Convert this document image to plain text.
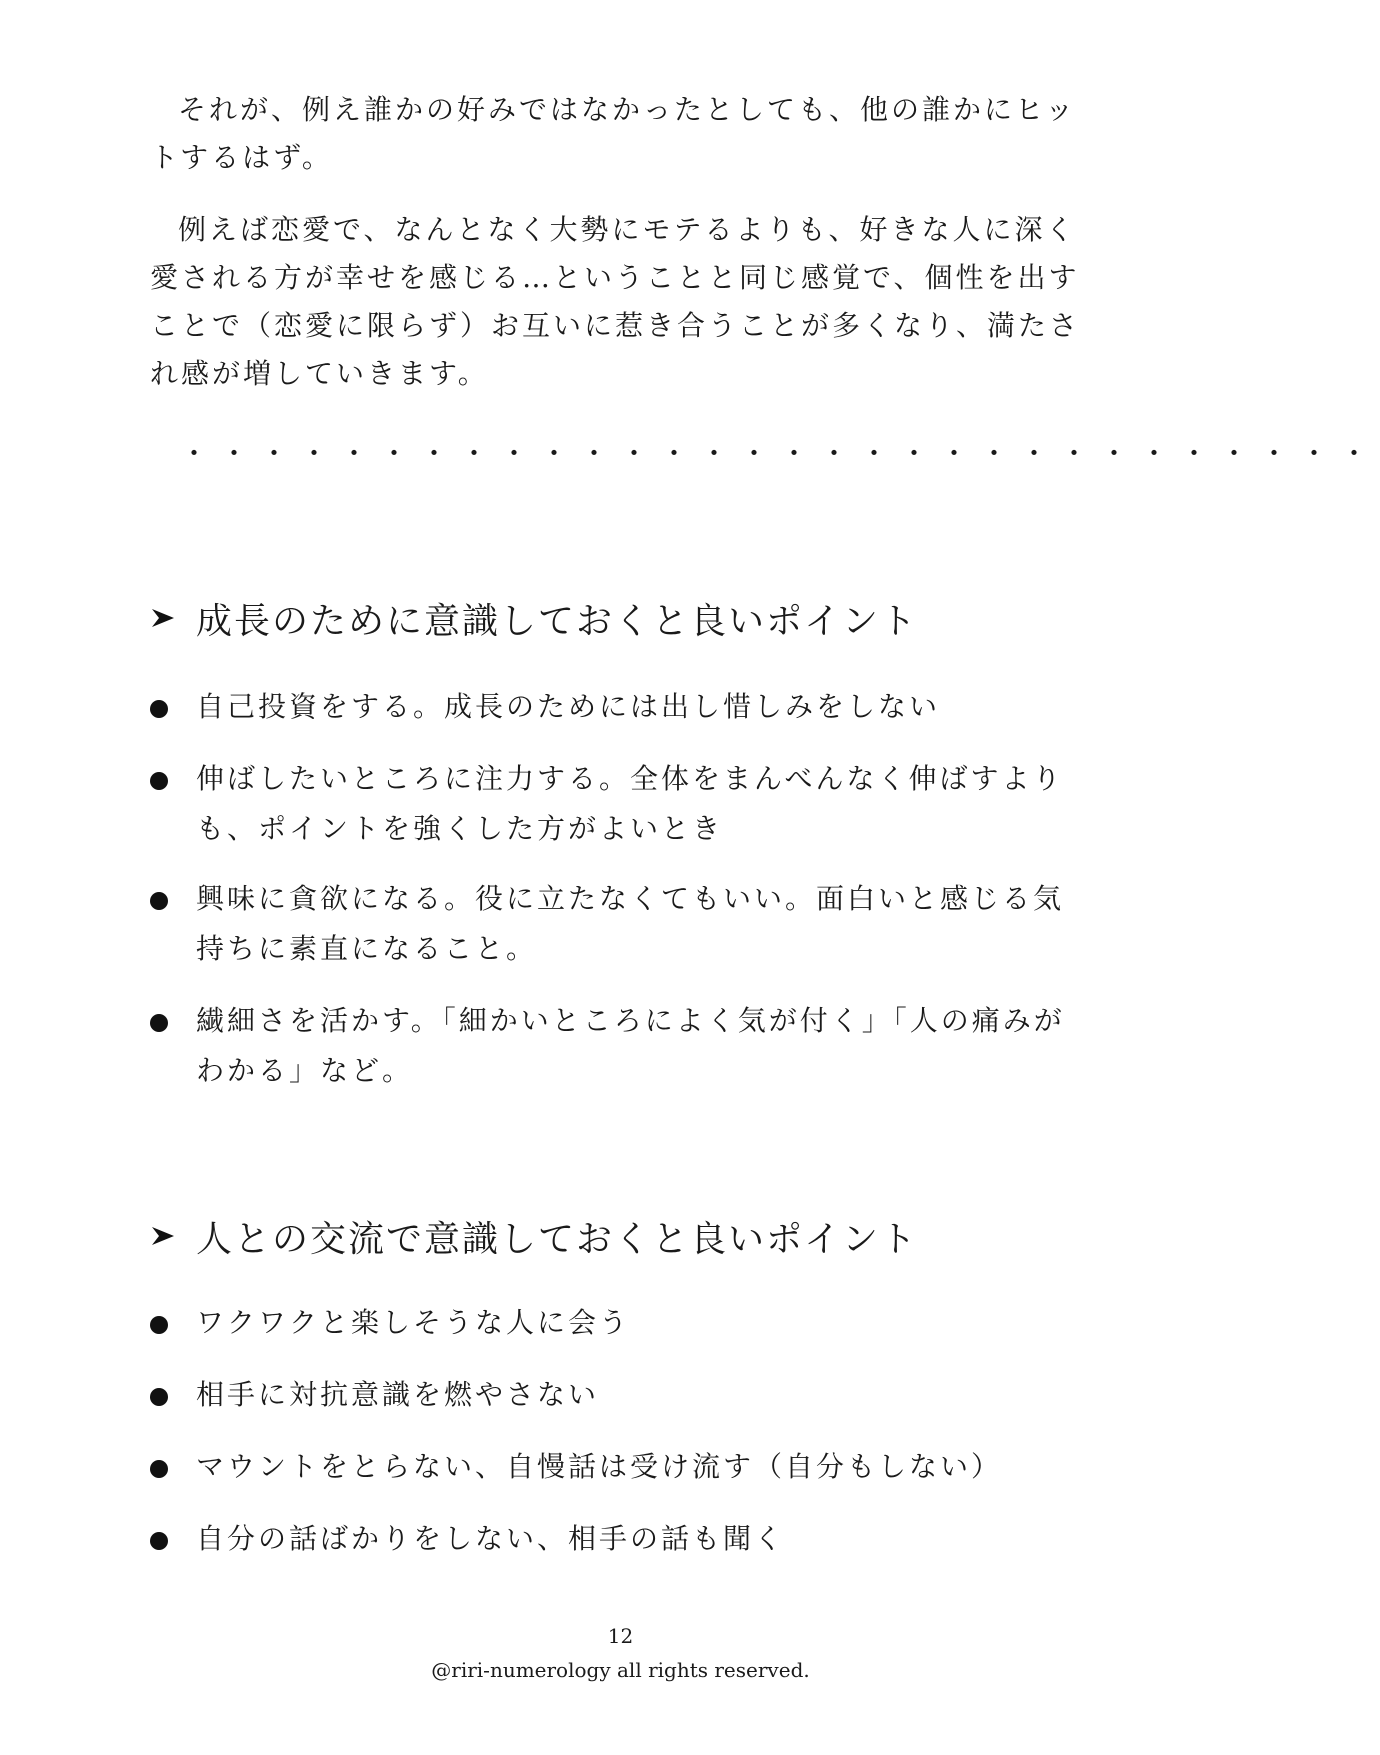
それが、例え誰かの好みではなかったとしても、他の誰かにヒットするはず。

例えば恋愛で、なんとなく大勢にモテるよりも、好きな人に深く愛される方が幸せを感じる…ということと同じ感覚で、個性を出すことで（恋愛に限らず）お互いに惹き合うことが多くなり、満たされ感が増していきます。

・・・・・・・・・・・・・・・・・・・・・・・・・・・・・・
成長のために意識しておくと良いポイント
自己投資をする。成長のためには出し惜しみをしない
伸ばしたいところに注力する。全体をまんべんなく伸ばすよりも、ポイントを強くした方がよいとき
興味に貪欲になる。役に立たなくてもいい。面白いと感じる気持ちに素直になること。
繊細さを活かす。「細かいところによく気が付く」「人の痛みがわかる」など。
人との交流で意識しておくと良いポイント
ワクワクと楽しそうな人に会う
相手に対抗意識を燃やさない
マウントをとらない、自慢話は受け流す（自分もしない）
自分の話ばかりをしない、相手の話も聞く
12
@riri-numerology all rights reserved.
